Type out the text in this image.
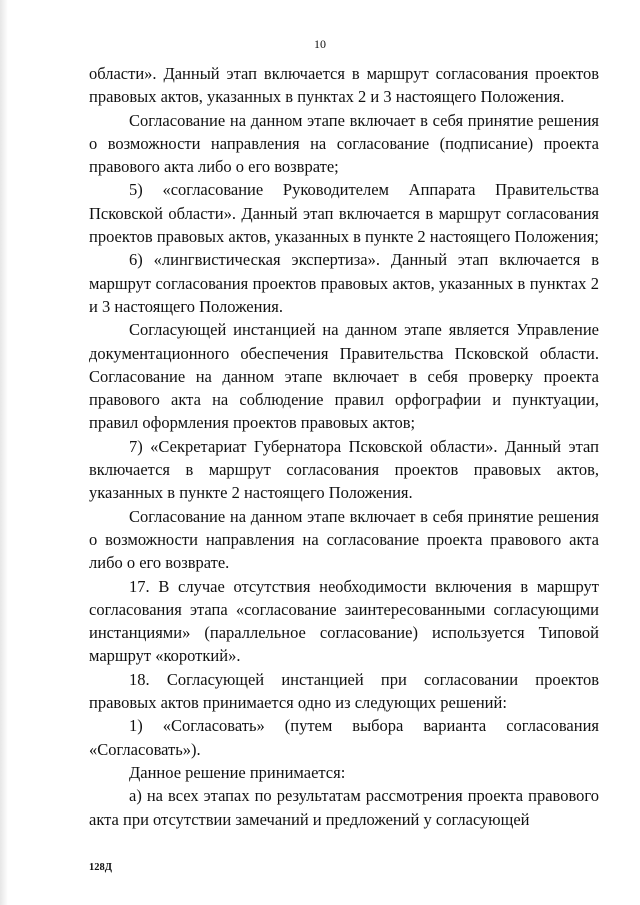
10

области». Данный этап включается в маршрут согласования проектов правовых актов, указанных в пунктах 2 и 3 настоящего Положения.

Согласование на данном этапе включает в себя принятие решения о возможности направления на согласование (подписание) проекта правового акта либо о его возврате;

5) «согласование Руководителем Аппарата Правительства Псковской области». Данный этап включается в маршрут согласования проектов правовых актов, указанных в пункте 2 настоящего Положения;

6) «лингвистическая экспертиза». Данный этап включается в маршрут согласования проектов правовых актов, указанных в пунктах 2 и 3 настоящего Положения.

Согласующей инстанцией на данном этапе является Управление документационного обеспечения Правительства Псковской области. Согласование на данном этапе включает в себя проверку проекта правового акта на соблюдение правил орфографии и пунктуации, правил оформления проектов правовых актов;

7) «Секретариат Губернатора Псковской области». Данный этап включается в маршрут согласования проектов правовых актов, указанных в пункте 2 настоящего Положения.

Согласование на данном этапе включает в себя принятие решения о возможности направления на согласование проекта правового акта либо о его возврате.

17. В случае отсутствия необходимости включения в маршрут согласования этапа «согласование заинтересованными согласующими инстанциями» (параллельное согласование) используется Типовой маршрут «короткий».

18. Согласующей инстанцией при согласовании проектов правовых актов принимается одно из следующих решений:

1) «Согласовать» (путем выбора варианта согласования «Согласовать»).

Данное решение принимается:

а) на всех этапах по результатам рассмотрения проекта правового акта при отсутствии замечаний и предложений у согласующей

128Д
